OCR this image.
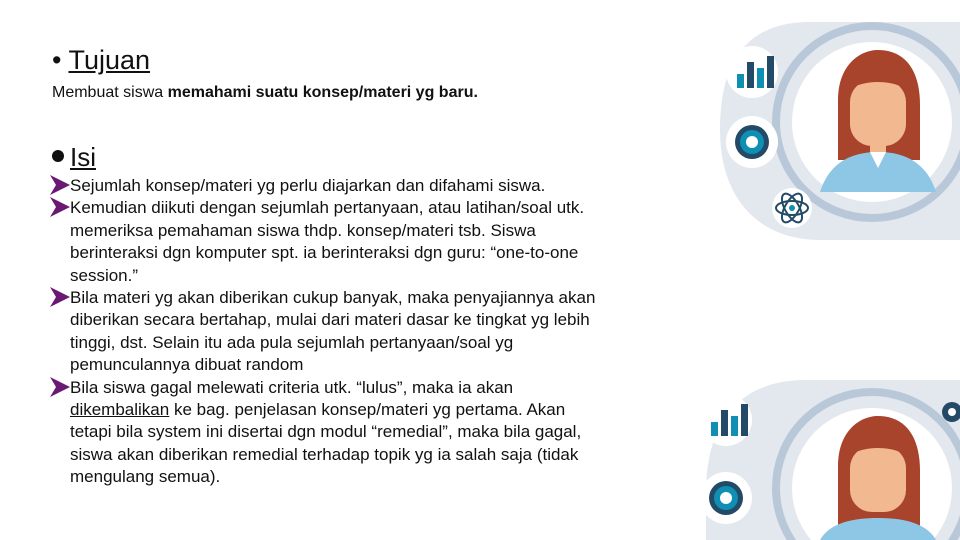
• Tujuan
Membuat siswa memahami suatu konsep/materi yg baru.
Isi
Sejumlah konsep/materi yg perlu diajarkan dan difahami siswa.
Kemudian diikuti dengan sejumlah pertanyaan, atau latihan/soal utk.
memeriksa pemahaman siswa thdp. konsep/materi tsb. Siswa
berinteraksi dgn komputer spt. ia berinteraksi dgn guru: “one-to-one
session.”
Bila materi yg akan diberikan cukup banyak, maka penyajiannya akan
diberikan secara bertahap, mulai dari materi dasar ke tingkat yg lebih
tinggi, dst. Selain itu ada pula sejumlah pertanyaan/soal yg
pemunculannya dibuat random
Bila siswa gagal melewati criteria utk. “lulus”, maka ia akan
dikembalikan ke bag. penjelasan konsep/materi yg pertama. Akan
tetapi bila system ini disertai dgn modul “remedial”, maka bila gagal,
siswa akan diberikan remedial terhadap topik yg ia salah saja (tidak
mengulang semua).
